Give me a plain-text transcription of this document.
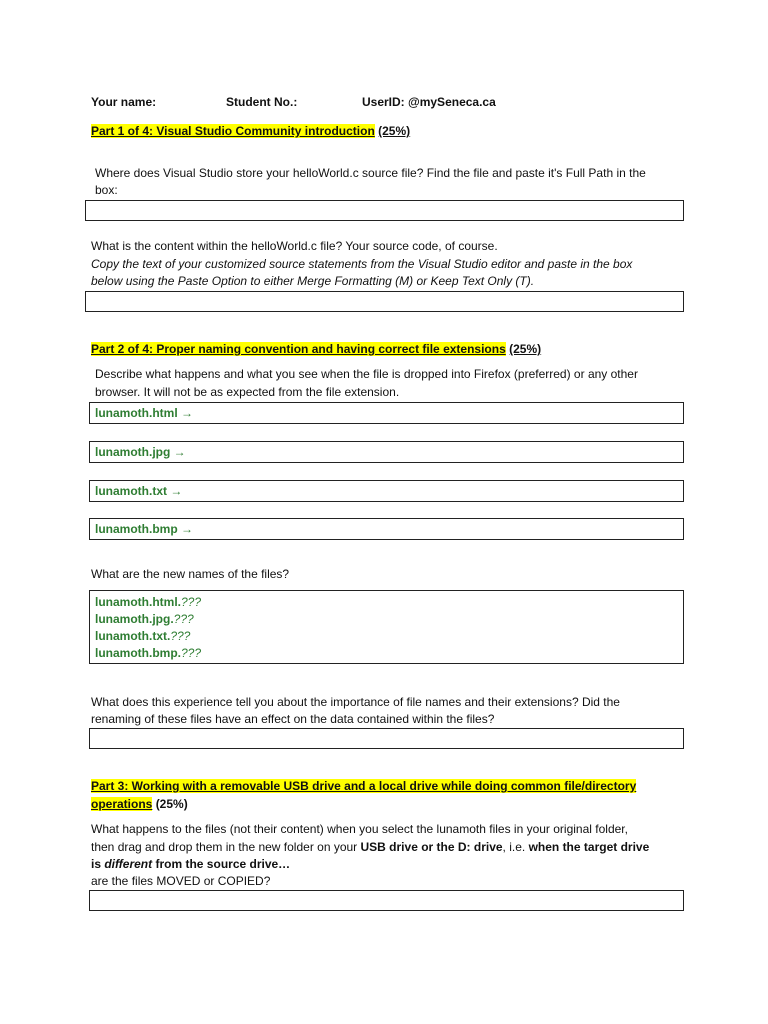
Your name:	Student No.:	UserID: @mySeneca.ca
Part 1 of 4: Visual Studio Community introduction (25%)
Where does Visual Studio store your helloWorld.c source file? Find the file and paste it's Full Path in the
box:
What is the content within the helloWorld.c file? Your source code, of course.
Copy the text of your customized source statements from the Visual Studio editor and paste in the box
below using the Paste Option to either Merge Formatting (M) or Keep Text Only (T).
Part 2 of 4: Proper naming convention and having correct file extensions (25%)
Describe what happens and what you see when the file is dropped into Firefox (preferred) or any other
browser. It will not be as expected from the file extension.
lunamoth.html →
lunamoth.jpg →
lunamoth.txt →
lunamoth.bmp →
What are the new names of the files?
lunamoth.html.???
lunamoth.jpg.???
lunamoth.txt.???
lunamoth.bmp.???
What does this experience tell you about the importance of file names and their extensions? Did the
renaming of these files have an effect on the data contained within the files?
Part 3: Working with a removable USB drive and a local drive while doing common file/directory
operations (25%)
What happens to the files (not their content) when you select the lunamoth files in your original folder,
then drag and drop them in the new folder on your USB drive or the D: drive, i.e. when the target drive
is different from the source drive…
are the files MOVED or COPIED?
